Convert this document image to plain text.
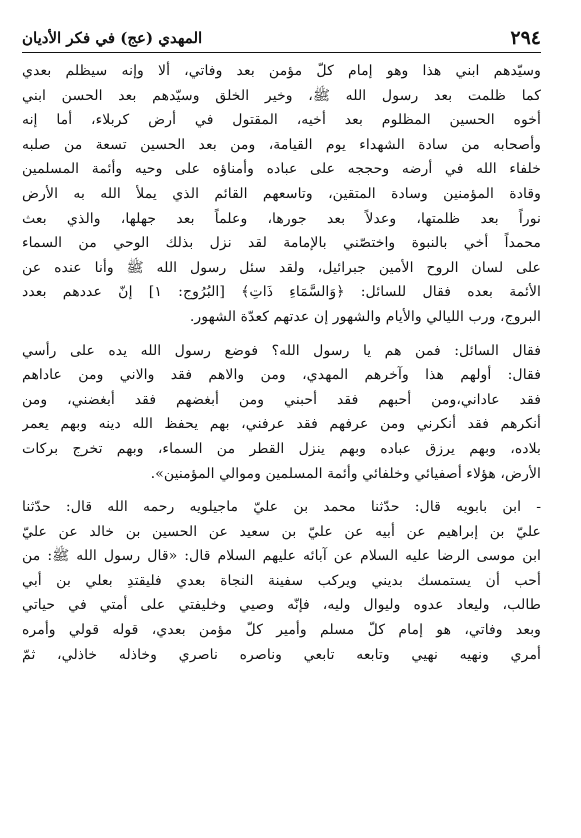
٢٩٤
المهدي (عج) في فكر الأديان
وسيّدهم ابني هذا وهو إمام كلّ مؤمن بعد وفاتي، ألا وإنه سيظلم بعدي
كما ظلمت بعد رسول الله ﷺ، وخير الخلق وسيّدهم بعد الحسن ابني
أخوه الحسين المظلوم بعد أخيه، المقتول في أرض كربلاء، أما إنه
وأصحابه من سادة الشهداء يوم القيامة، ومن بعد الحسين تسعة من صلبه
خلفاء الله في أرضه وحججه على عباده وأمناؤه على وحيه وأئمة المسلمين
وقادة المؤمنين وسادة المتقين، وتاسعهم القائم الذي يملأ الله به الأرض
نوراً بعد ظلمتها، وعدلاً بعد جورها، وعلماً بعد جهلها، والذي بعث
محمداً أخي بالنبوة واختصّني بالإمامة لقد نزل بذلك الوحي من السماء
على لسان الروح الأمين جبرائيل، ولقد سئل رسول الله ﷺ وأنا عنده عن
الأئمة بعده فقال للسائل: ﴿وَالسَّمَاءِ ذَاتِ﴾ [البُرُوج: ١] إنّ عددهم بعدد
البروج، ورب الليالي والأيام والشهور إن عدتهم كعدّة الشهور.
فقال السائل: فمن هم يا رسول الله؟ فوضع رسول الله يده على رأسي
فقال: أولهم هذا وآخرهم المهدي، ومن والاهم فقد والاني ومن عاداهم
فقد عاداني،ومن أحبهم فقد أحبني ومن أبغضهم فقد أبغضني، ومن
أنكرهم فقد أنكرني ومن عرفهم فقد عرفني، بهم يحفظ الله دينه وبهم يعمر
بلاده، وبهم يرزق عباده وبهم ينزل القطر من السماء، وبهم تخرج بركات
الأرض، هؤلاء أصفيائي وخلفائي وأئمة المسلمين وموالي المؤمنين».
- ابن بابويه قال: حدّثنا محمد بن عليّ ماجيلويه رحمه الله قال: حدّثنا
عليّ بن إبراهيم عن أبيه عن عليّ بن سعيد عن الحسين بن خالد عن عليّ
ابن موسى الرضا عليه السلام عن آبائه عليهم السلام قال: «قال رسول الله ﷺ: من
أحب أن يستمسك بديني ويركب سفينة النجاة بعدي فليقتدِ بعلي بن أبي
طالب، وليعاد عدوه وليوال وليه، فإنّه وصيي وخليفتي على أمتي في حياتي
وبعد وفاتي، هو إمام كلّ مسلم وأمير كلّ مؤمن بعدي، قوله قولي وأمره
أمري ونهيه نهيي وتابعه تابعي وناصره ناصري وخاذله خاذلي، ثمّ
